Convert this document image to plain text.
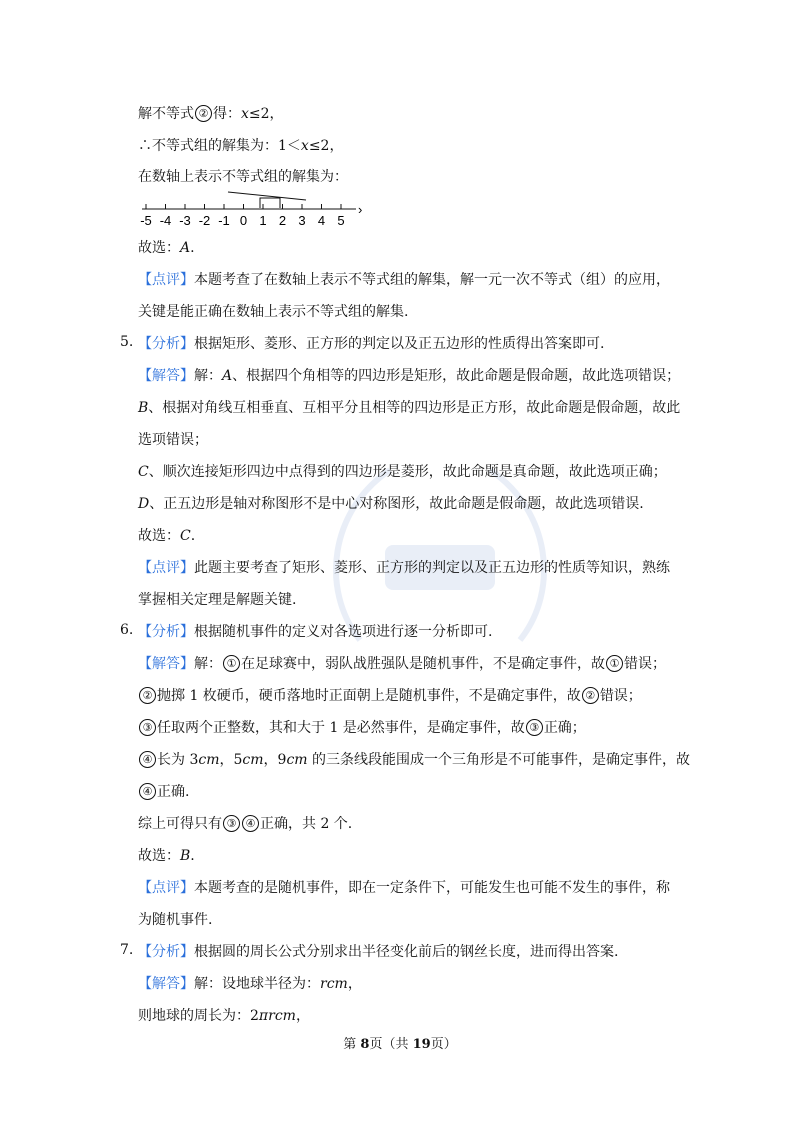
解不等式 ② 得：x≤2，
∴不等式组的解集为：1＜x≤2，
在数轴上表示不等式组的解集为：
-5 -4 -3 -2 -1 0 1 2 3 4 5
›
故选：A.
【点评】本题考查了在数轴上表示不等式组的解集，解一元一次不等式（组）的应用，
关键是能正确在数轴上表示不等式组的解集.
5. 【分析】根据矩形、菱形、正方形的判定以及正五边形的性质得出答案即可.
【解答】解：A、根据四个角相等的四边形是矩形，故此命题是假命题，故此选项错误；
B、根据对角线互相垂直、互相平分且相等的四边形是正方形，故此命题是假命题，故此
选项错误；
C、顺次连接矩形四边中点得到的四边形是菱形，故此命题是真命题，故此选项正确；
D、正五边形是轴对称图形不是中心对称图形，故此命题是假命题，故此选项错误.
故选：C.
【点评】此题主要考查了矩形、菱形、正方形的判定以及正五边形的性质等知识，熟练
掌握相关定理是解题关键.
6. 【分析】根据随机事件的定义对各选项进行逐一分析即可.
【解答】解： ① 在足球赛中，弱队战胜强队是随机事件，不是确定事件，故 ① 错误；
② 抛掷 1 枚硬币，硬币落地时正面朝上是随机事件，不是确定事件，故 ② 错误；
③ 任取两个正整数，其和大于 1 是必然事件，是确定事件，故 ③ 正确；
④ 长为 3cm，5cm，9cm 的三条线段能围成一个三角形是不可能事件，是确定事件，故
④ 正确.
综上可得只有 ③ ④ 正确，共 2 个.
故选：B.
【点评】本题考查的是随机事件，即在一定条件下，可能发生也可能不发生的事件，称
为随机事件.
7. 【分析】根据圆的周长公式分别求出半径变化前后的钢丝长度，进而得出答案.
【解答】解：设地球半径为：rcm，
则地球的周长为：2πrcm，
第 8页（共 19页）
